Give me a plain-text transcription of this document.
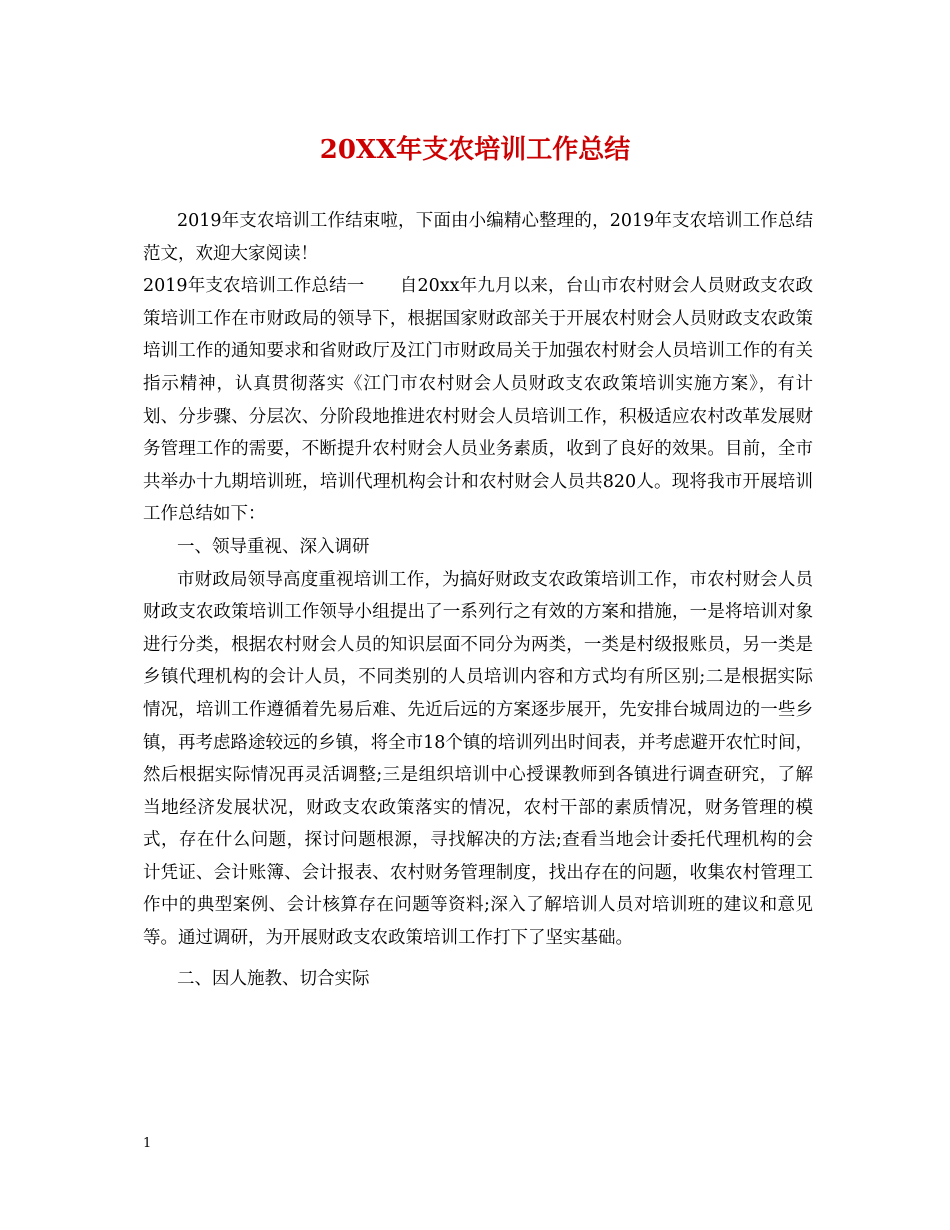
20XX年支农培训工作总结

2019年支农培训工作结束啦，下面由小编精心整理的，2019年支农培训工作总结范文，欢迎大家阅读！

2019年支农培训工作总结一　　自20xx年九月以来，台山市农村财会人员财政支农政策培训工作在市财政局的领导下，根据国家财政部关于开展农村财会人员财政支农政策培训工作的通知要求和省财政厅及江门市财政局关于加强农村财会人员培训工作的有关指示精神，认真贯彻落实《江门市农村财会人员财政支农政策培训实施方案》，有计划、分步骤、分层次、分阶段地推进农村财会人员培训工作，积极适应农村改革发展财务管理工作的需要，不断提升农村财会人员业务素质，收到了良好的效果。目前，全市共举办十九期培训班，培训代理机构会计和农村财会人员共820人。现将我市开展培训工作总结如下：

一、领导重视、深入调研

市财政局领导高度重视培训工作，为搞好财政支农政策培训工作，市农村财会人员财政支农政策培训工作领导小组提出了一系列行之有效的方案和措施，一是将培训对象进行分类，根据农村财会人员的知识层面不同分为两类，一类是村级报账员，另一类是乡镇代理机构的会计人员，不同类别的人员培训内容和方式均有所区别;二是根据实际情况，培训工作遵循着先易后难、先近后远的方案逐步展开，先安排台城周边的一些乡镇，再考虑路途较远的乡镇，将全市18个镇的培训列出时间表，并考虑避开农忙时间，然后根据实际情况再灵活调整;三是组织培训中心授课教师到各镇进行调查研究，了解当地经济发展状况，财政支农政策落实的情况，农村干部的素质情况，财务管理的模式，存在什么问题，探讨问题根源，寻找解决的方法;查看当地会计委托代理机构的会计凭证、会计账簿、会计报表、农村财务管理制度，找出存在的问题，收集农村管理工作中的典型案例、会计核算存在问题等资料;深入了解培训人员对培训班的建议和意见等。通过调研，为开展财政支农政策培训工作打下了坚实基础。

二、因人施教、切合实际

1
